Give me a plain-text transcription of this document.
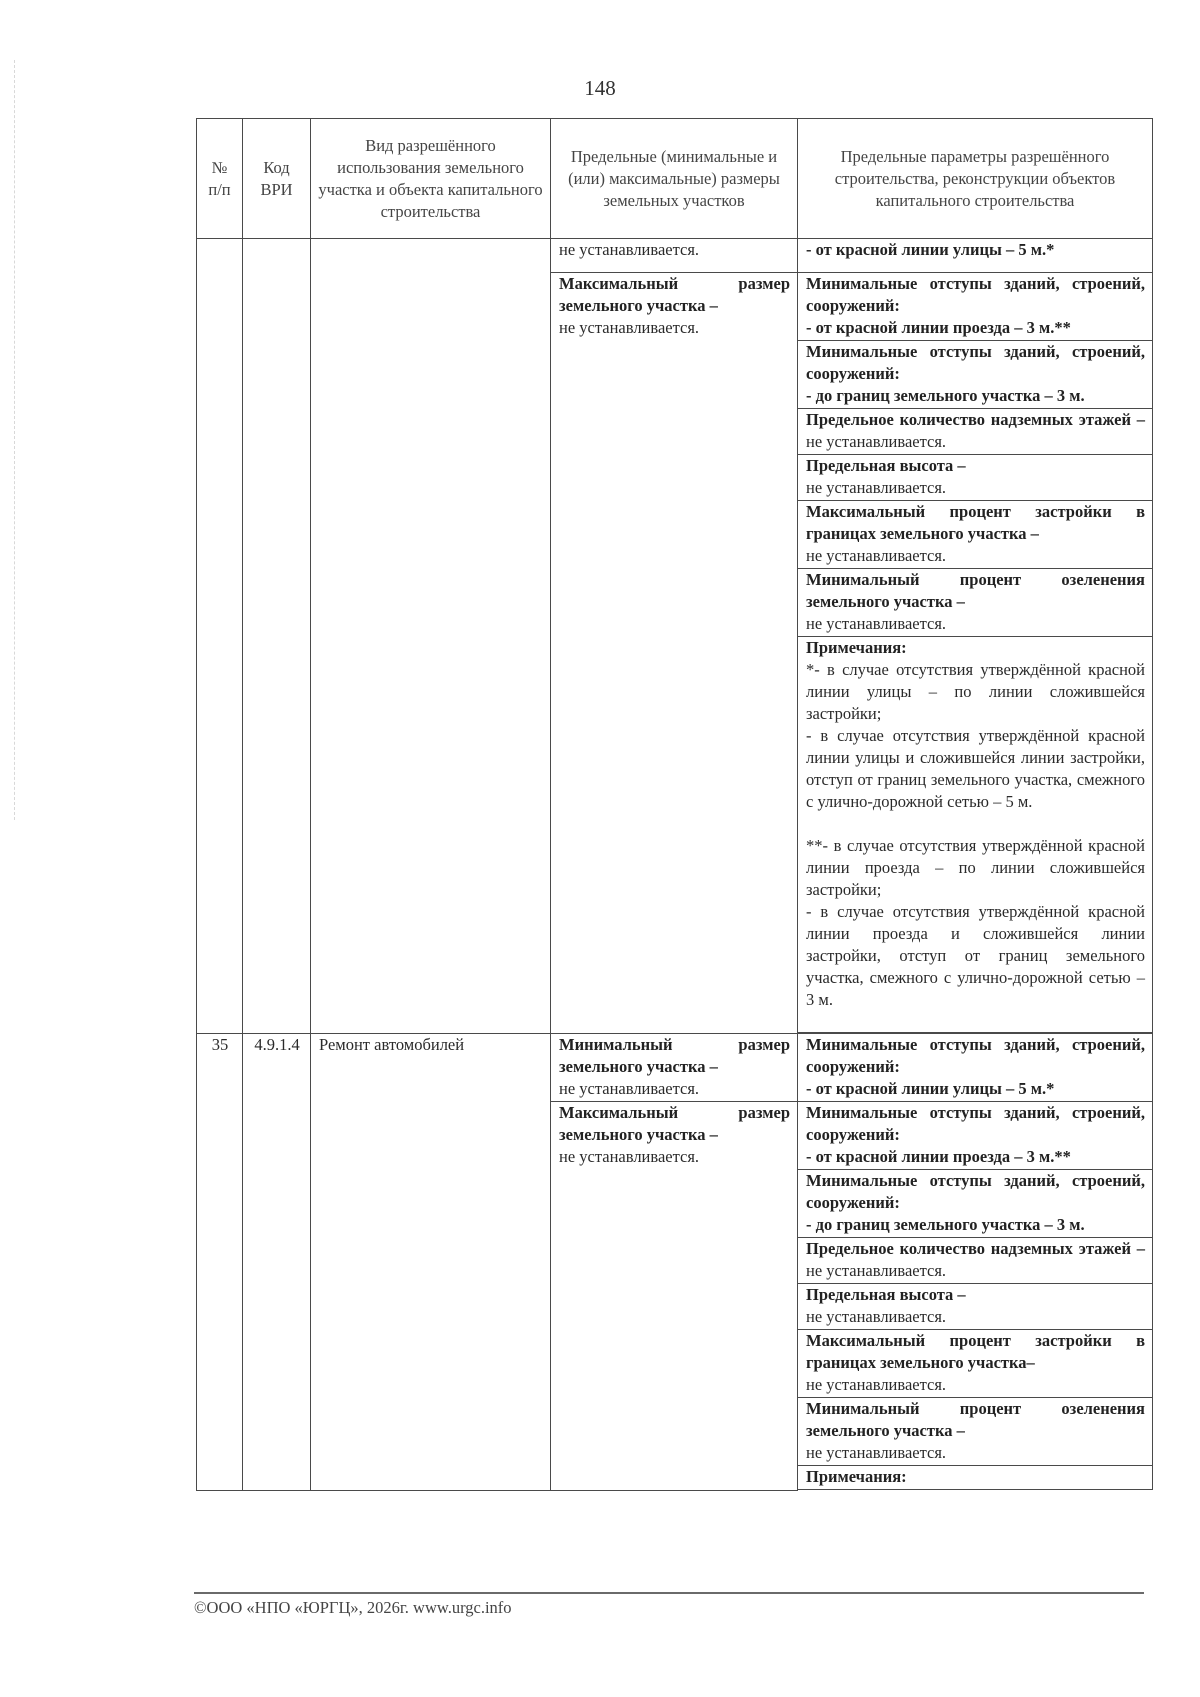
148
№ п/п	Код ВРИ	Вид разрешённого использования земельного участка и объекта капитального строительства	Предельные (минимальные и (или) максимальные) размеры земельных участков	Предельные параметры разрешённого строительства, реконструкции объектов капитального строительства
			не устанавливается.	- от красной линии улицы – 5 м.*
			Максимальный размер земельного участка –
не устанавливается.	Минимальные отступы зданий, строений, сооружений:
- от красной линии проезда – 3 м.**
				Минимальные отступы зданий, строений, сооружений:
- до границ земельного участка – 3 м.
				Предельное количество надземных этажей – не устанавливается.
				Предельная высота –
не устанавливается.
				Максимальный процент застройки в границах земельного участка –
не устанавливается.
				Минимальный процент озеленения земельного участка –
не устанавливается.

				Примечания:
*- в случае отсутствия утверждённой красной линии улицы – по линии сложившейся застройки;
- в случае отсутствия утверждённой красной линии улицы и сложившейся линии застройки, отступ от границ земельного участка, смежного с улично-дорожной сетью – 5 м.
**- в случае отсутствия утверждённой красной линии проезда – по линии сложившейся застройки;
- в случае отсутствия утверждённой красной линии проезда и сложившейся линии застройки, отступ от границ земельного участка, смежного с улично-дорожной сетью – 3 м.

35	4.9.1.4	Ремонт автомобилей	Минимальный размер земельного участка –
не устанавливается.	Минимальные отступы зданий, строений, сооружений:
- от красной линии улицы – 5 м.*
			Максимальный размер земельного участка –
не устанавливается.	Минимальные отступы зданий, строений, сооружений:
- от красной линии проезда – 3 м.**
				Минимальные отступы зданий, строений, сооружений:
- до границ земельного участка – 3 м.
				Предельное количество надземных этажей – не устанавливается.
				Предельная высота –
не устанавливается.
				Максимальный процент застройки в границах земельного участка–
не устанавливается.
				Минимальный процент озеленения земельного участка –
не устанавливается.
				Примечания:

©ООО «НПО «ЮРГЦ», 2026г. www.urgc.info
